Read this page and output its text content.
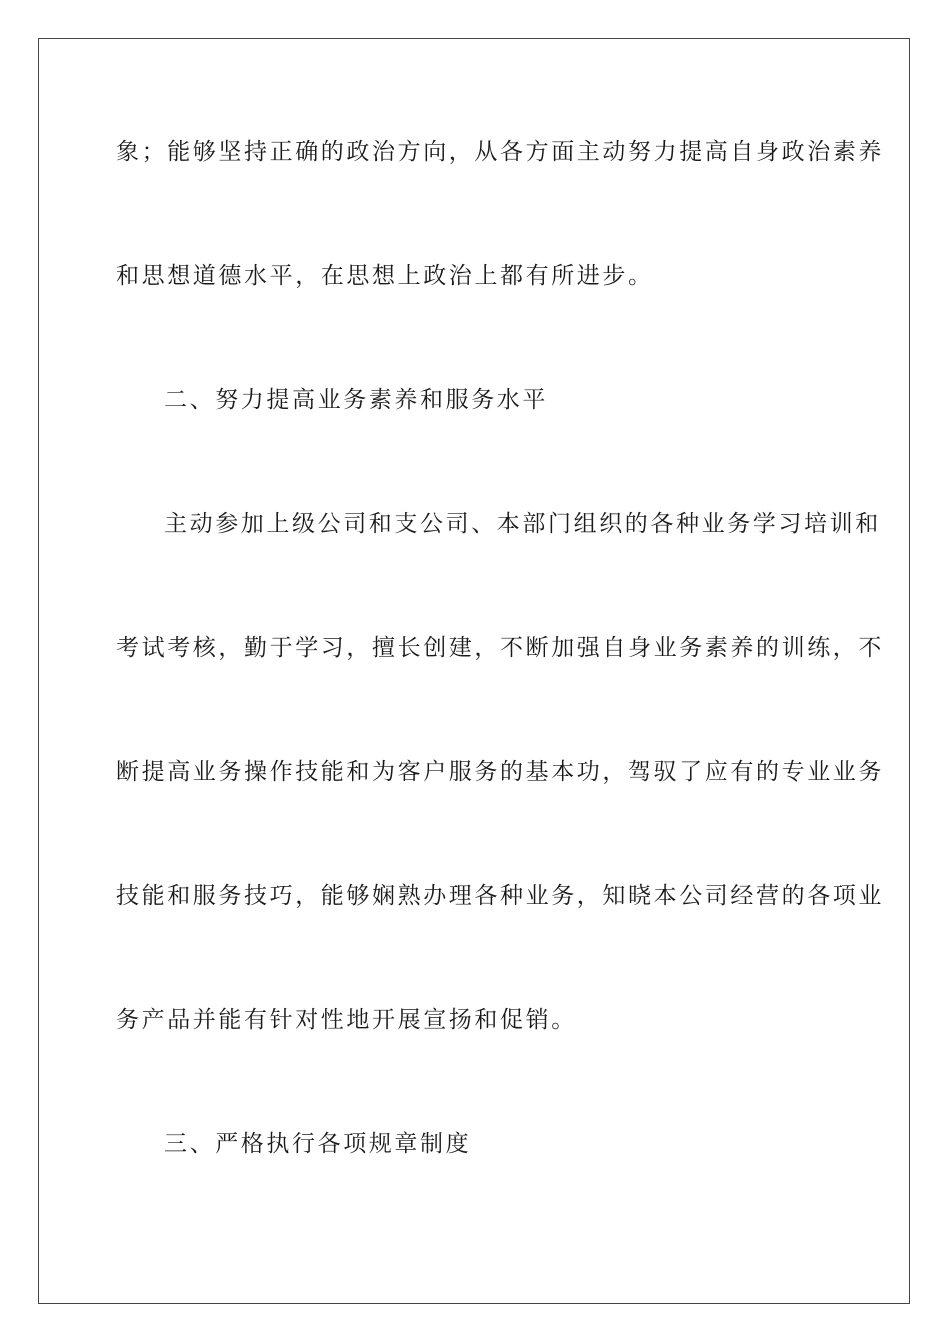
象；能够坚持正确的政治方向，从各方面主动努力提高自身政治素养

和思想道德水平，在思想上政治上都有所进步。

二、努力提高业务素养和服务水平

主动参加上级公司和支公司、本部门组织的各种业务学习培训和

考试考核，勤于学习，擅长创建，不断加强自身业务素养的训练，不

断提高业务操作技能和为客户服务的基本功，驾驭了应有的专业业务

技能和服务技巧，能够娴熟办理各种业务，知晓本公司经营的各项业

务产品并能有针对性地开展宣扬和促销。

三、严格执行各项规章制度
